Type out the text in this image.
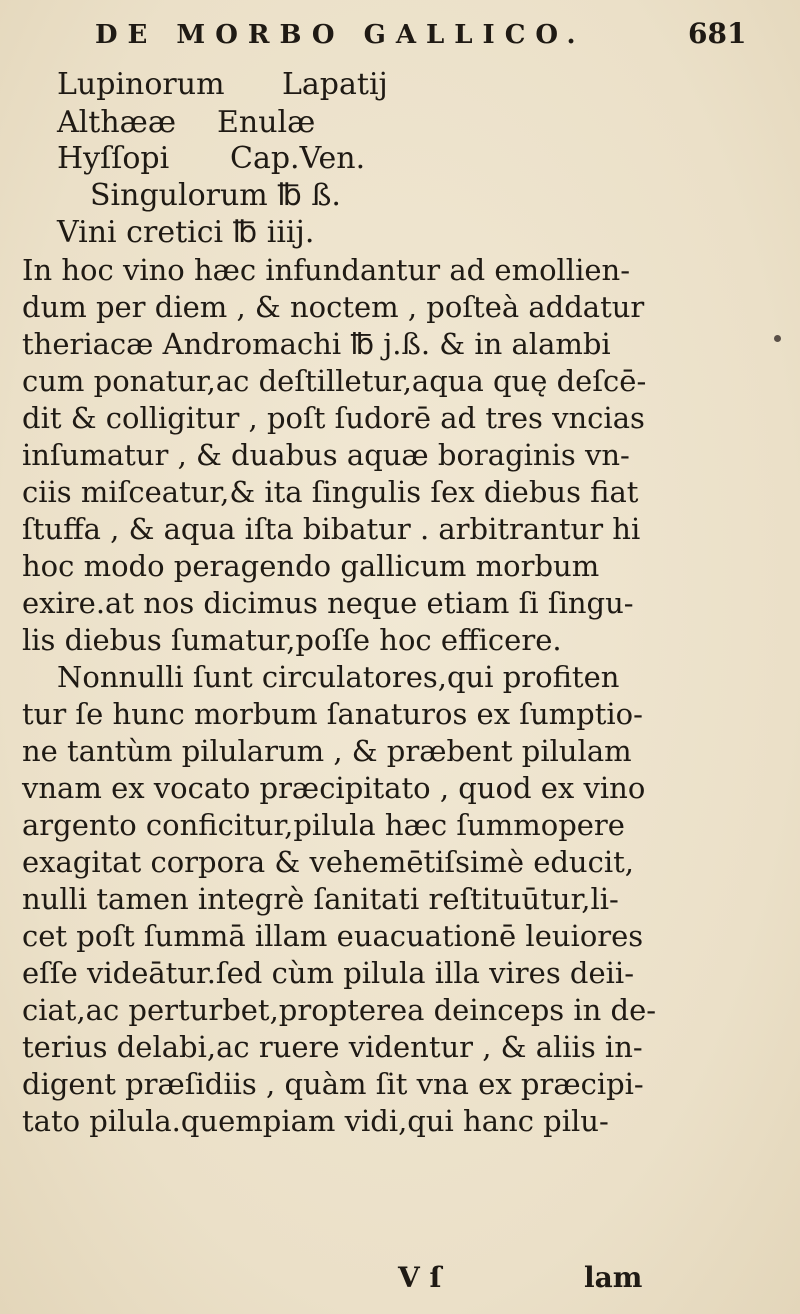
DE MORBO GALLICO.	681
Lupinorum Lapatij
Althææ Enulæ
Hyſſopi Cap.Ven.
Singulorum ℔ ß.
Vini cretici ℔ iiij.
In hoc vino hæc infundantur ad emollien-
dum per diem , & noctem , poſteà addatur
theriacæ Andromachi ℔ j.ß. & in alambi
cum ponatur,ac deſtilletur,aqua quę deſcē-
dit & colligitur , poſt ſudorē ad tres vncias
inſumatur , & duabus aquæ boraginis vn-
ciis miſceatur,& ita ſingulis ſex diebus fiat
ſtuffa , & aqua iſta bibatur . arbitrantur hi
hoc modo peragendo gallicum morbum
exire.at nos dicimus neque etiam ſi ſingu-
lis diebus ſumatur,poſſe hoc efficere.
Nonnulli ſunt circulatores,qui profiten
tur ſe hunc morbum ſanaturos ex ſumptio-
ne tantùm pilularum , & præbent pilulam
vnam ex vocato præcipitato , quod ex vino
argento conficitur,pilula hæc ſummopere
exagitat corpora & vehemētiſsimè educit,
nulli tamen integrè ſanitati reſtituūtur,li-
cet poſt ſummā illam euacuationē leuiores
eſſe videātur.ſed cùm pilula illa vires deii-
ciat,ac perturbet,propterea deinceps in de-
terius delabi,ac ruere videntur , & aliis in-
digent præſidiis , quàm ſit vna ex præcipi-
tato pilula.quempiam vidi,qui hanc pilu-
V ſ	lam
